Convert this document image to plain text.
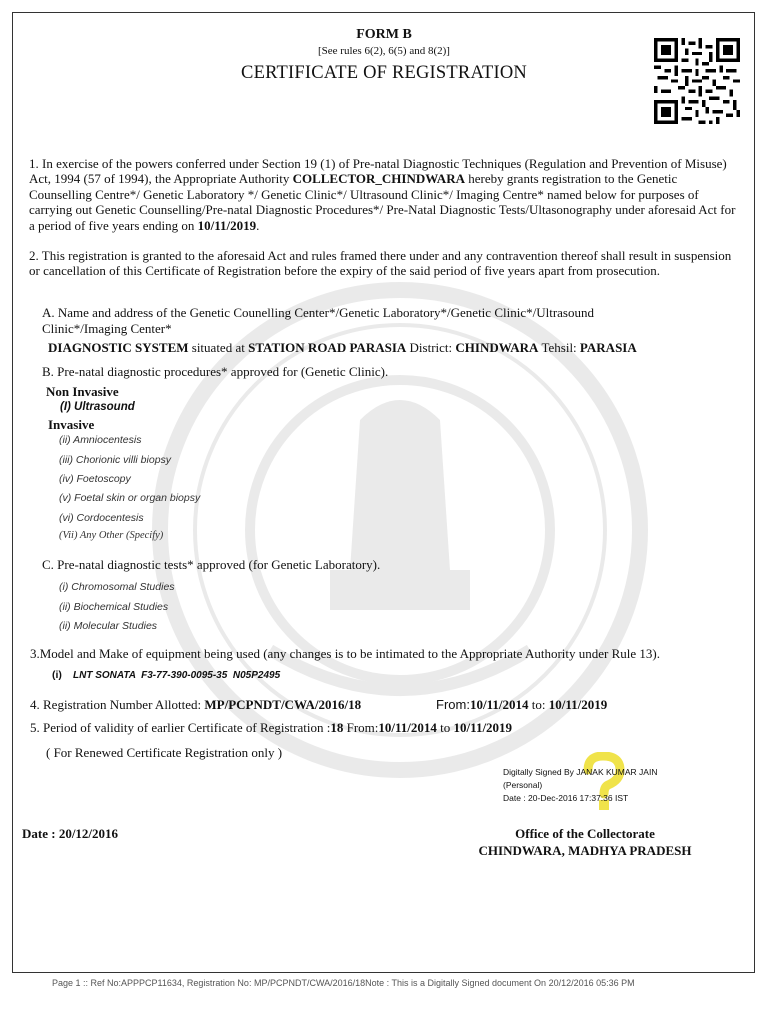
FORM B
[See rules 6(2), 6(5) and 8(2)]
CERTIFICATE OF REGISTRATION
1. In exercise of the powers conferred under Section 19 (1) of Pre-natal Diagnostic Techniques (Regulation and Prevention of Misuse) Act, 1994 (57 of 1994), the Appropriate Authority COLLECTOR_CHINDWARA hereby grants registration to the Genetic Counselling Centre*/ Genetic Laboratory */ Genetic Clinic*/ Ultrasound Clinic*/ Imaging Centre* named below for purposes of carrying out Genetic Counselling/Pre-natal Diagnostic Procedures*/ Pre-Natal Diagnostic Tests/Ultasonography under aforesaid Act for a period of five years ending on 10/11/2019.
2. This registration is granted to the aforesaid Act and rules framed there under and any contravention thereof shall result in suspension or cancellation of this Certificate of Registration before the expiry of the said period of five years apart from prosecution.
A. Name and address of the Genetic Counelling Center*/Genetic Laboratory*/Genetic Clinic*/Ultrasound
Clinic*/Imaging Center*
DIAGNOSTIC SYSTEM situated at STATION ROAD PARASIA District: CHINDWARA Tehsil: PARASIA
B. Pre-natal diagnostic procedures* approved for (Genetic Clinic).
Non Invasive
(I) Ultrasound
Invasive
(ii) Amniocentesis
(iii) Chorionic villi biopsy
(iv) Foetoscopy
(v) Foetal skin or organ biopsy
(vi) Cordocentesis
(Vii) Any Other (Specify)
C. Pre-natal diagnostic tests* approved (for Genetic Laboratory).
(i) Chromosomal Studies
(ii) Biochemical Studies
(ii) Molecular Studies
3.Model and Make of equipment being used (any changes is to be intimated to the Appropriate Authority under Rule 13).
(i) LNT SONATA  F3-77-390-0095-35  N05P2495
4. Registration Number Allotted: MP/PCPNDT/CWA/2016/18	From:10/11/2014 to: 10/11/2019
5. Period of validity of earlier Certificate of Registration :18 From:10/11/2014 to 10/11/2019
( For Renewed Certificate Registration only )
Digitally Signed By JANAK KUMAR JAIN
(Personal)
Date : 20-Dec-2016 17:37:36 IST
Date : 20/12/2016	Office of the Collectorate
CHINDWARA, MADHYA PRADESH
Page 1 :: Ref No:APPPCP11634, Registration No: MP/PCPNDT/CWA/2016/18Note : This is a Digitally Signed document On 20/12/2016 05:36 PM
